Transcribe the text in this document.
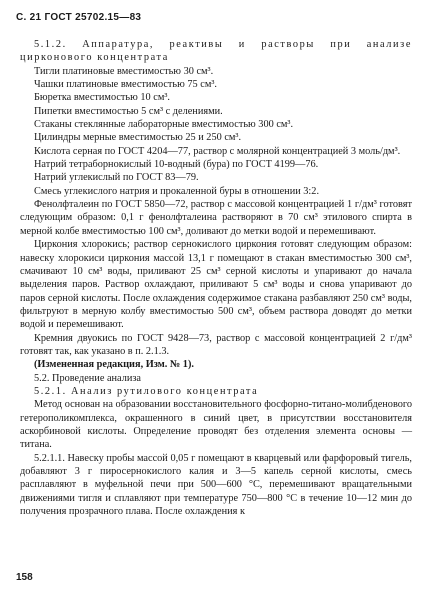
С. 21 ГОСТ 25702.15—83

5.1.2. Аппаратура, реактивы и растворы при анализе цирконового концентрата

Тигли платиновые вместимостью 30 см³.

Чашки платиновые вместимостью 75 см³.

Бюретка вместимостью 10 см³.

Пипетки вместимостью 5 см³ с делениями.

Стаканы стеклянные лабораторные вместимостью 300 см³.

Цилиндры мерные вместимостью 25 и 250 см³.

Кислота серная по ГОСТ 4204—77, раствор с молярной концентрацией 3 моль/дм³.

Натрий тетраборнокислый 10-водный (бура) по ГОСТ 4199—76.

Натрий углекислый по ГОСТ 83—79.

Смесь углекислого натрия и прокаленной буры в отношении 3:2.

Фенолфталеин по ГОСТ 5850—72, раствор с массовой концентрацией 1 г/дм³ готовят следующим образом: 0,1 г фенолфталеина растворяют в 70 см³ этилового спирта в мерной колбе вместимостью 100 см³, доливают до метки водой и перемешивают.

Циркония хлорокись; раствор сернокислого циркония готовят следующим образом: навеску хлорокиси циркония массой 13,1 г помещают в стакан вместимостью 300 см³, смачивают 10 см³ воды, приливают 25 см³ серной кислоты и упаривают до начала выделения паров. Раствор охлаждают, приливают 5 см³ воды и снова упаривают до паров серной кислоты. После охлаждения содержимое стакана разбавляют 250 см³ воды, фильтруют в мерную колбу вместимостью 500 см³, объем раствора доводят до метки водой и перемешивают.

Кремния двуокись по ГОСТ 9428—73, раствор с массовой концентрацией 2 г/дм³ готовят так, как указано в п. 2.1.3.

(Измененная редакция, Изм. № 1).

5.2. Проведение анализа

5.2.1. Анализ рутилового концентрата

Метод основан на образовании восстановительного фосфорно-титано-молибденового гетерополикомплекса, окрашенного в синий цвет, в присутствии восстановителя аскорбиновой кислоты. Определение проводят без отделения элемента основы — титана.

5.2.1.1. Навеску пробы массой 0,05 г помещают в кварцевый или фарфоровый тигель, добавляют 3 г пиросернокислого калия и 3—5 капель серной кислоты, смесь расплавляют в муфельной печи при 500—600 °С, перемешивают вращательными движениями тигля и сплавляют при температуре 750—800 °С в течение 10—12 мин до получения прозрачного плава. После охлаждения к

158
